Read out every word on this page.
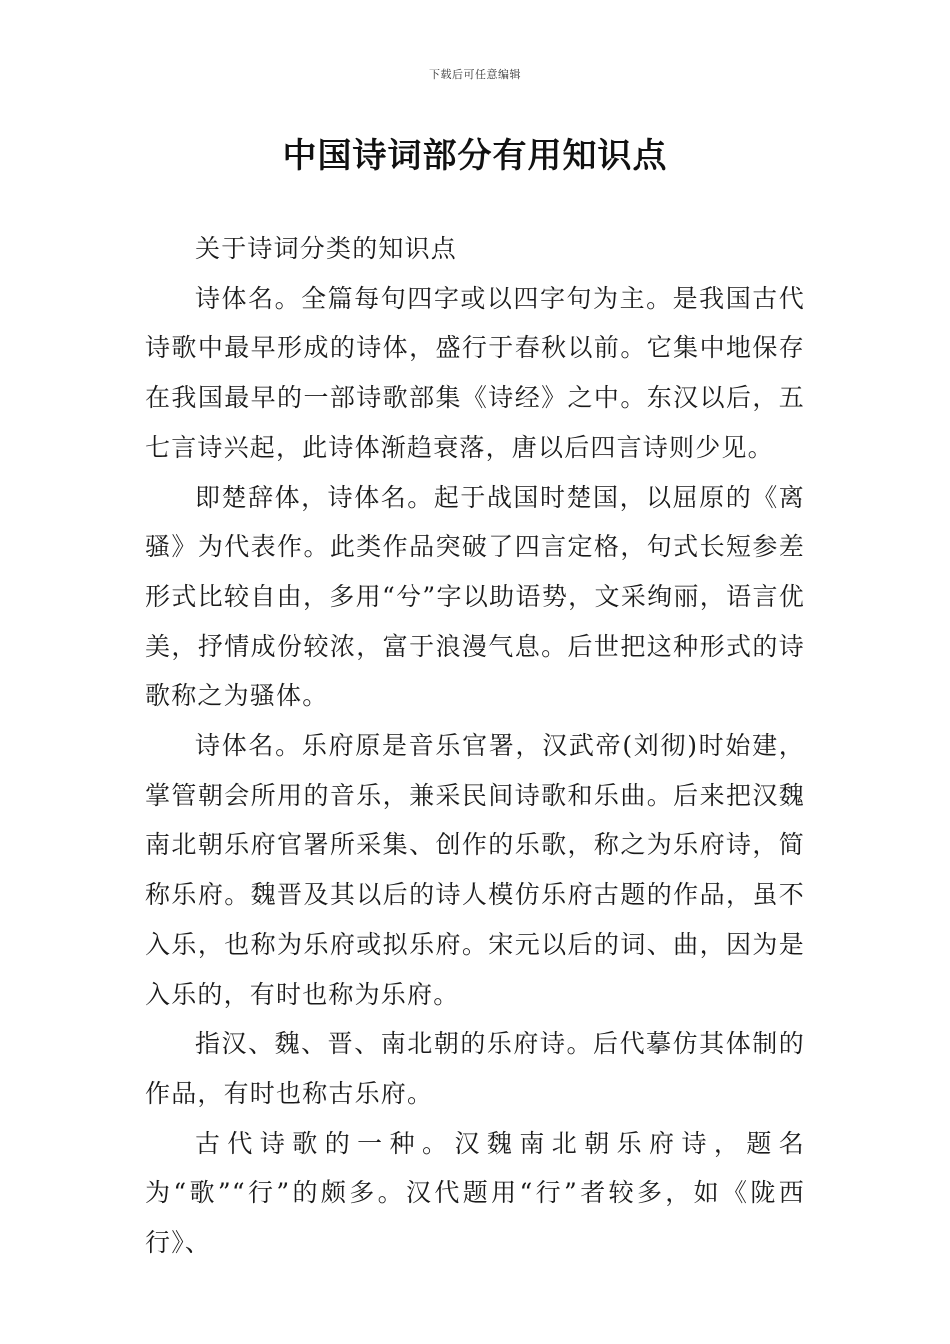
下载后可任意编辑
中国诗词部分有用知识点

关于诗词分类的知识点

诗体名。全篇每句四字或以四字句为主。是我国古代诗歌中最早形成的诗体，盛行于春秋以前。它集中地保存在我国最早的一部诗歌部集《诗经》之中。东汉以后，五七言诗兴起，此诗体渐趋衰落，唐以后四言诗则少见。

即楚辞体，诗体名。起于战国时楚国，以屈原的《离骚》为代表作。此类作品突破了四言定格，句式长短参差形式比较自由，多用“兮”字以助语势，文采绚丽，语言优美，抒情成份较浓，富于浪漫气息。后世把这种形式的诗歌称之为骚体。

诗体名。乐府原是音乐官署，汉武帝(刘彻)时始建，掌管朝会所用的音乐，兼采民间诗歌和乐曲。后来把汉魏南北朝乐府官署所采集、创作的乐歌，称之为乐府诗，简称乐府。魏晋及其以后的诗人模仿乐府古题的作品，虽不入乐，也称为乐府或拟乐府。宋元以后的词、曲，因为是入乐的，有时也称为乐府。

指汉、魏、晋、南北朝的乐府诗。后代摹仿其体制的作品，有时也称古乐府。

古代诗歌的一种。汉魏南北朝乐府诗，题名为“歌”“行”的颇多。汉代题用“行”者较多，如《陇西行》、
